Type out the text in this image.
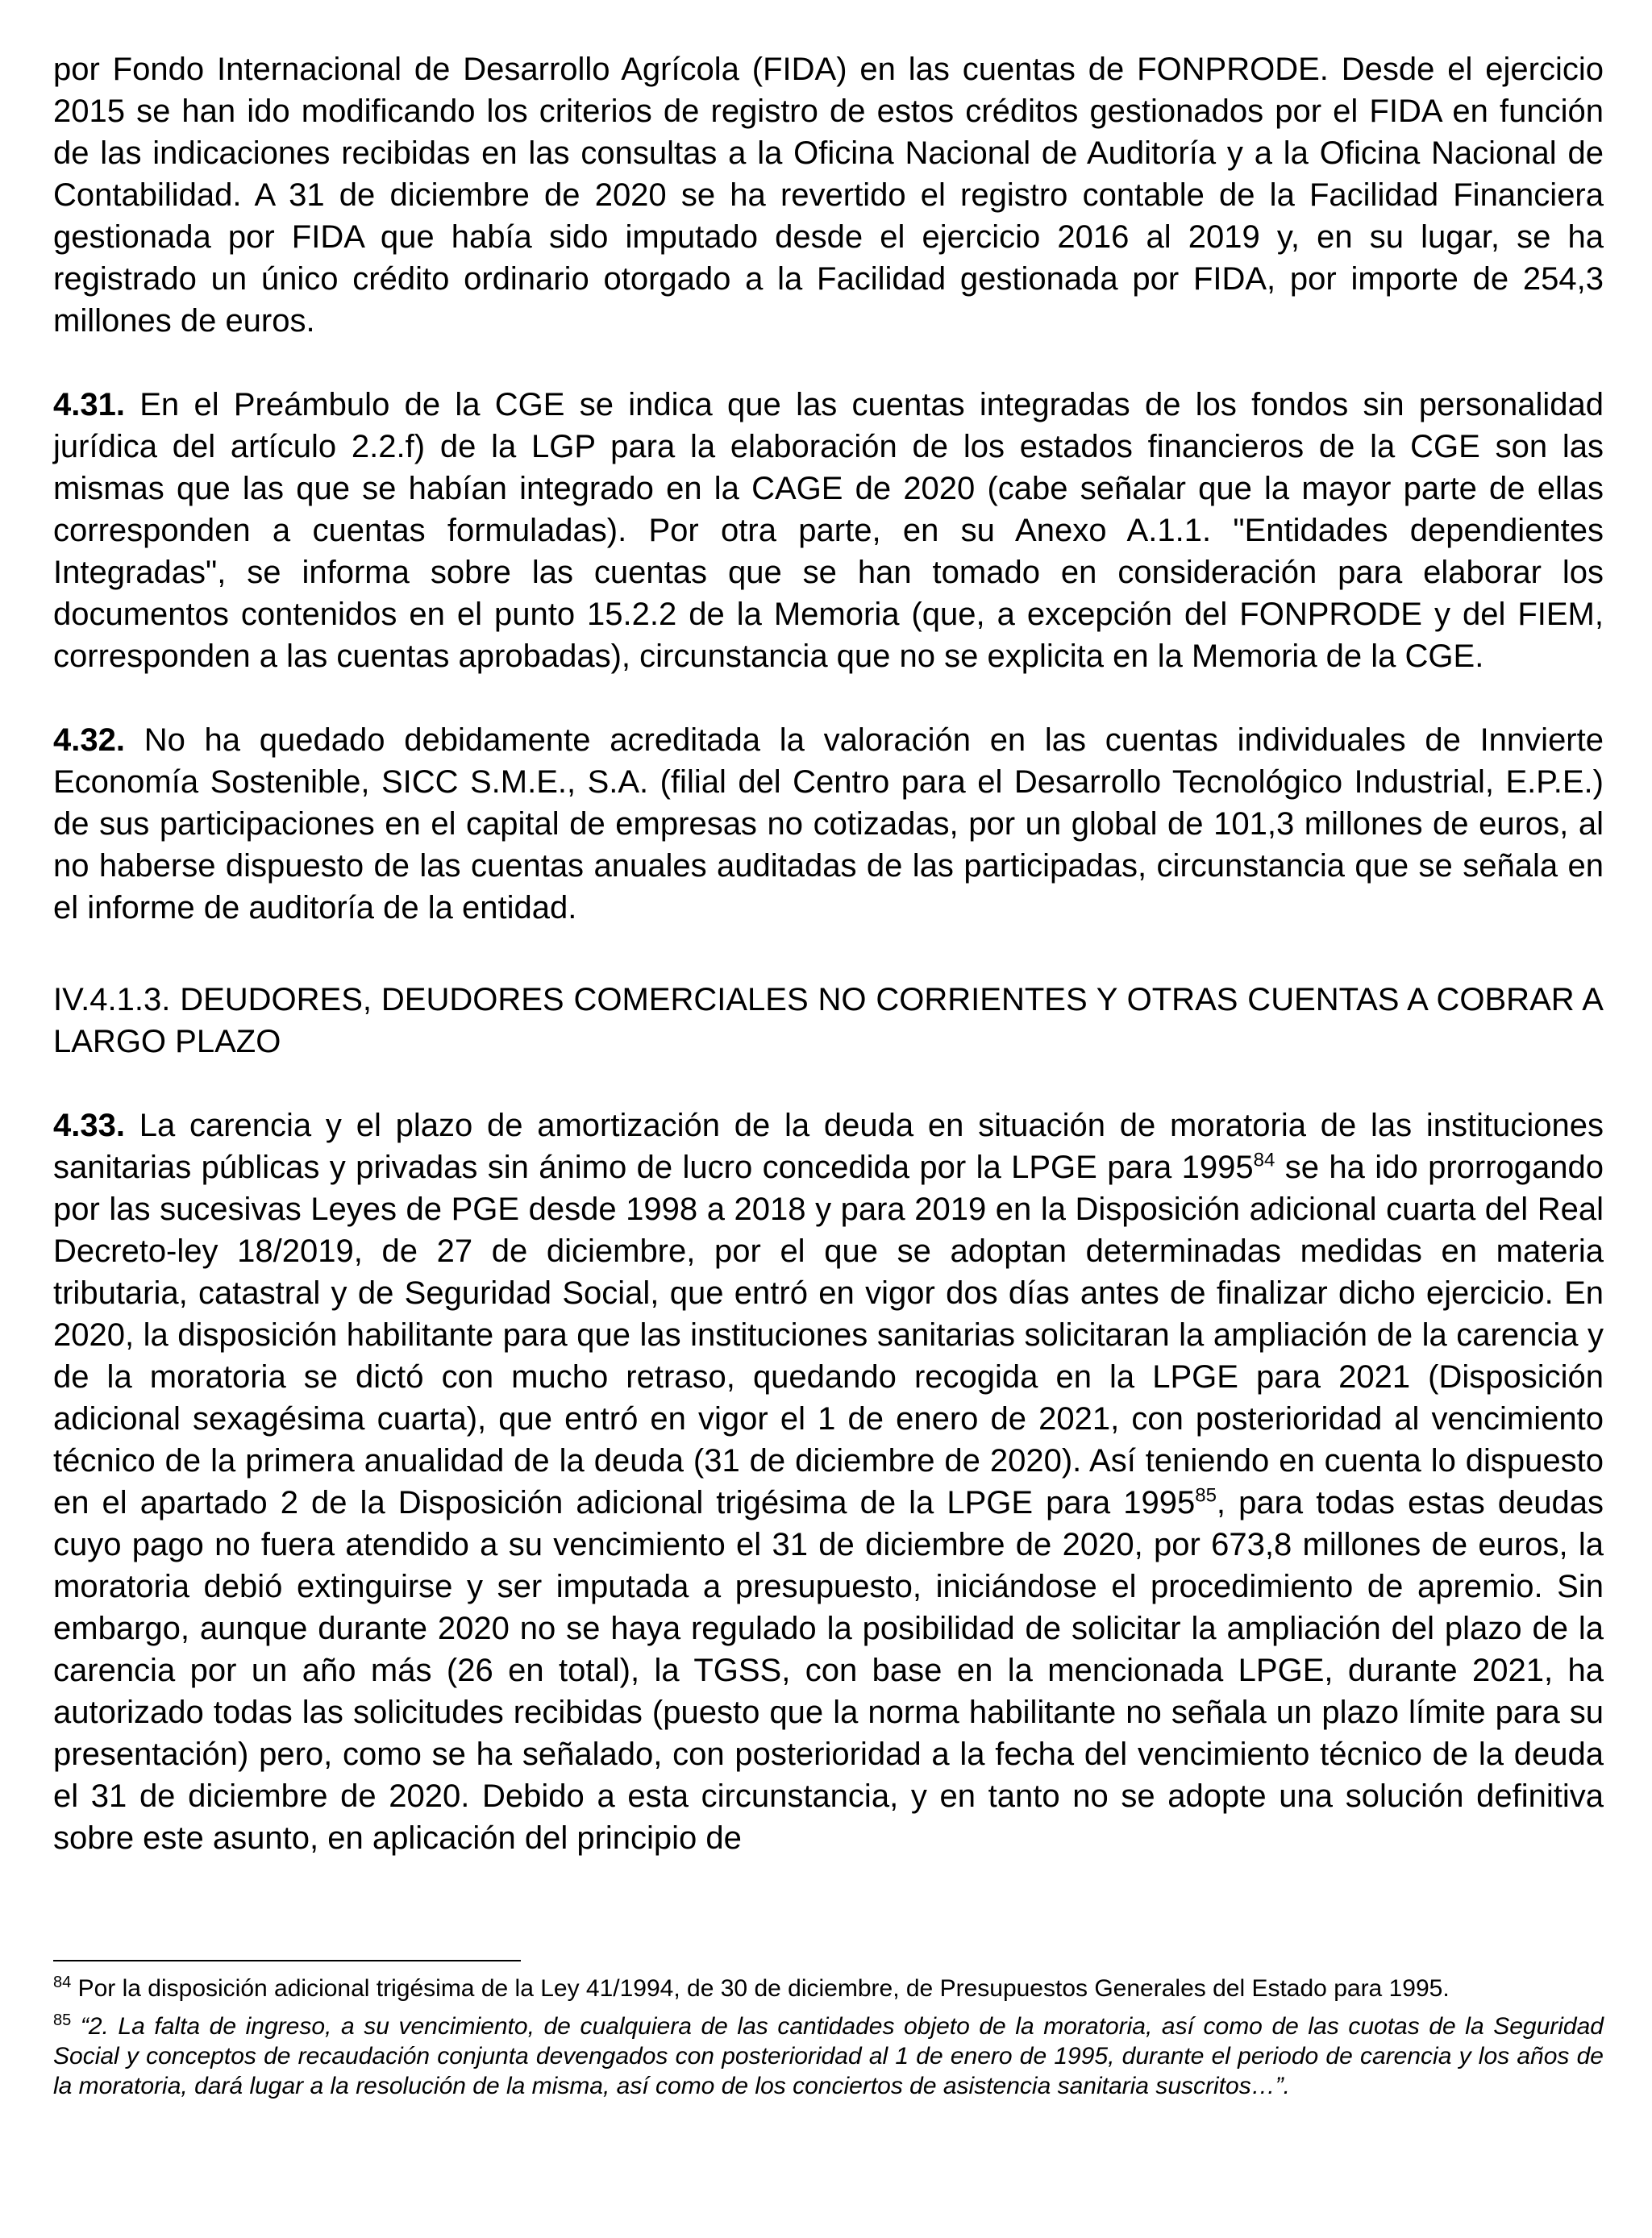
por Fondo Internacional de Desarrollo Agrícola (FIDA) en las cuentas de FONPRODE. Desde el ejercicio 2015 se han ido modificando los criterios de registro de estos créditos gestionados por el FIDA en función de las indicaciones recibidas en las consultas a la Oficina Nacional de Auditoría y a la Oficina Nacional de Contabilidad. A 31 de diciembre de 2020 se ha revertido el registro contable de la Facilidad Financiera gestionada por FIDA que había sido imputado desde el ejercicio 2016 al 2019 y, en su lugar, se ha registrado un único crédito ordinario otorgado a la Facilidad gestionada por FIDA, por importe de 254,3 millones de euros.

4.31. En el Preámbulo de la CGE se indica que las cuentas integradas de los fondos sin personalidad jurídica del artículo 2.2.f) de la LGP para la elaboración de los estados financieros de la CGE son las mismas que las que se habían integrado en la CAGE de 2020 (cabe señalar que la mayor parte de ellas corresponden a cuentas formuladas). Por otra parte, en su Anexo A.1.1. "Entidades dependientes Integradas", se informa sobre las cuentas que se han tomado en consideración para elaborar los documentos contenidos en el punto 15.2.2 de la Memoria (que, a excepción del FONPRODE y del FIEM, corresponden a las cuentas aprobadas), circunstancia que no se explicita en la Memoria de la CGE.

4.32. No ha quedado debidamente acreditada la valoración en las cuentas individuales de Innvierte Economía Sostenible, SICC S.M.E., S.A. (filial del Centro para el Desarrollo Tecnológico Industrial, E.P.E.) de sus participaciones en el capital de empresas no cotizadas, por un global de 101,3 millones de euros, al no haberse dispuesto de las cuentas anuales auditadas de las participadas, circunstancia que se señala en el informe de auditoría de la entidad.

IV.4.1.3. DEUDORES, DEUDORES COMERCIALES NO CORRIENTES Y OTRAS CUENTAS A COBRAR A LARGO PLAZO

4.33. La carencia y el plazo de amortización de la deuda en situación de moratoria de las instituciones sanitarias públicas y privadas sin ánimo de lucro concedida por la LPGE para 1995$^{84}$ se ha ido prorrogando por las sucesivas Leyes de PGE desde 1998 a 2018 y para 2019 en la Disposición adicional cuarta del Real Decreto-ley 18/2019, de 27 de diciembre, por el que se adoptan determinadas medidas en materia tributaria, catastral y de Seguridad Social, que entró en vigor dos días antes de finalizar dicho ejercicio. En 2020, la disposición habilitante para que las instituciones sanitarias solicitaran la ampliación de la carencia y de la moratoria se dictó con mucho retraso, quedando recogida en la LPGE para 2021 (Disposición adicional sexagésima cuarta), que entró en vigor el 1 de enero de 2021, con posterioridad al vencimiento técnico de la primera anualidad de la deuda (31 de diciembre de 2020). Así teniendo en cuenta lo dispuesto en el apartado 2 de la Disposición adicional trigésima de la LPGE para 1995$^{85}$, para todas estas deudas cuyo pago no fuera atendido a su vencimiento el 31 de diciembre de 2020, por 673,8 millones de euros, la moratoria debió extinguirse y ser imputada a presupuesto, iniciándose el procedimiento de apremio. Sin embargo, aunque durante 2020 no se haya regulado la posibilidad de solicitar la ampliación del plazo de la carencia por un año más (26 en total), la TGSS, con base en la mencionada LPGE, durante 2021, ha autorizado todas las solicitudes recibidas (puesto que la norma habilitante no señala un plazo límite para su presentación) pero, como se ha señalado, con posterioridad a la fecha del vencimiento técnico de la deuda el 31 de diciembre de 2020. Debido a esta circunstancia, y en tanto no se adopte una solución definitiva sobre este asunto, en aplicación del principio de

$^{84}$ Por la disposición adicional trigésima de la Ley 41/1994, de 30 de diciembre, de Presupuestos Generales del Estado para 1995.

$^{85}$ “2. La falta de ingreso, a su vencimiento, de cualquiera de las cantidades objeto de la moratoria, así como de las cuotas de la Seguridad Social y conceptos de recaudación conjunta devengados con posterioridad al 1 de enero de 1995, durante el periodo de carencia y los años de la moratoria, dará lugar a la resolución de la misma, así como de los conciertos de asistencia sanitaria suscritos…”.
